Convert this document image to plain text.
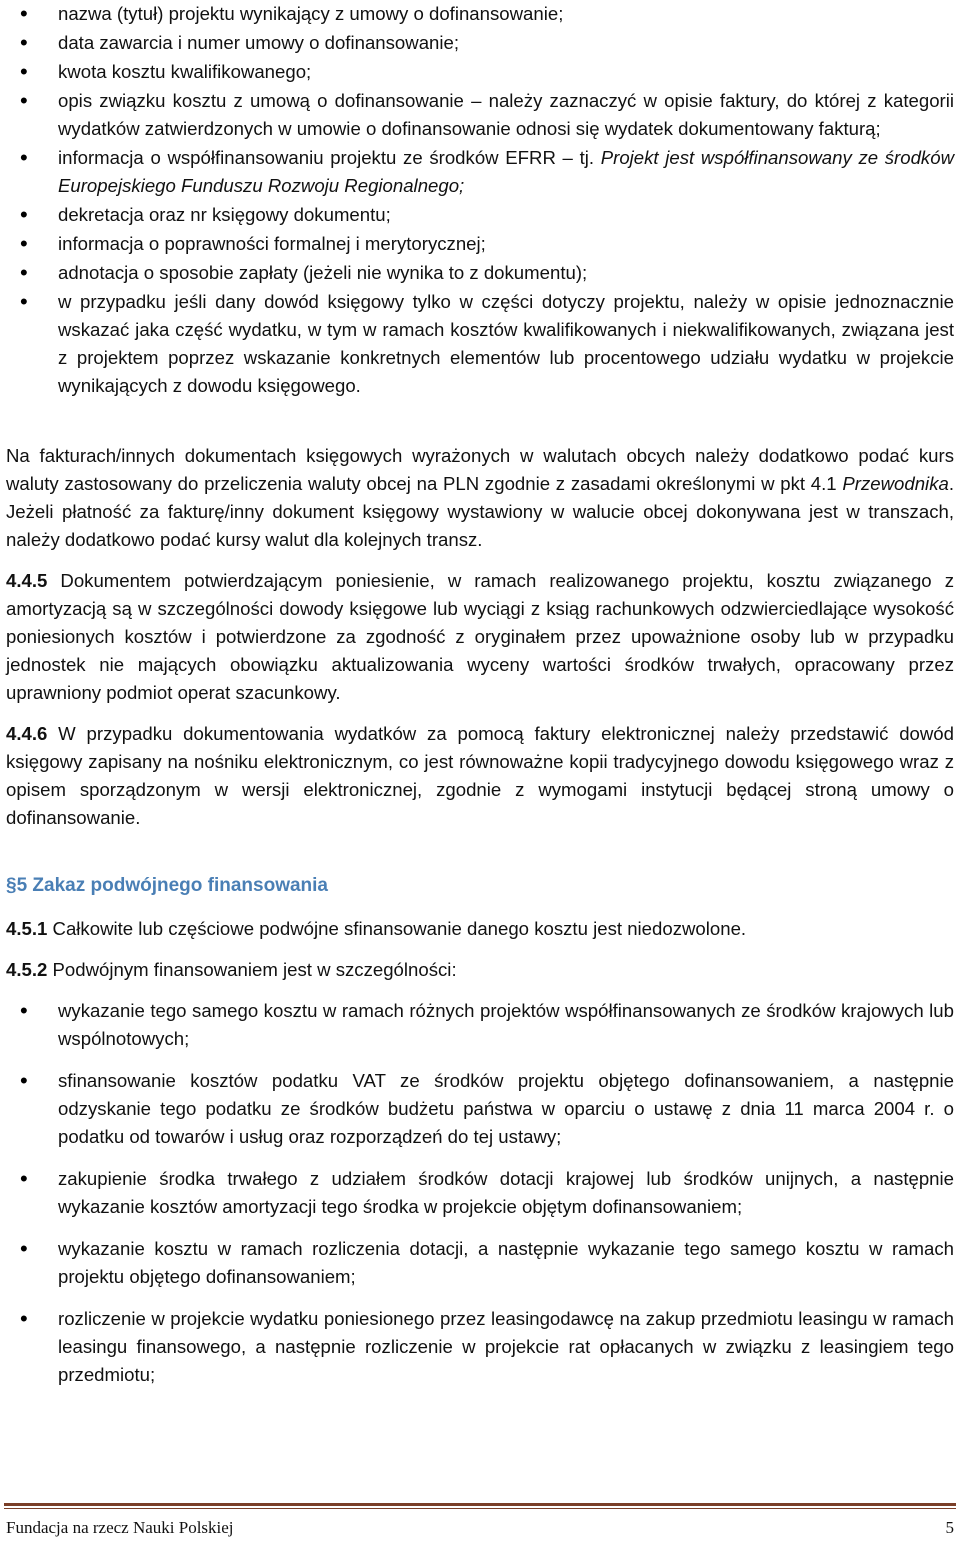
• nazwa (tytuł) projektu wynikający z umowy o dofinansowanie;
• data zawarcia i numer umowy o dofinansowanie;
• kwota kosztu kwalifikowanego;
• opis związku kosztu z umową o dofinansowanie – należy zaznaczyć w opisie faktury, do której z kategorii wydatków zatwierdzonych w umowie o dofinansowanie odnosi się wydatek dokumentowany fakturą;
• informacja o współfinansowaniu projektu ze środków EFRR – tj. Projekt jest współfinansowany ze środków Europejskiego Funduszu Rozwoju Regionalnego;
• dekretacja oraz nr księgowy dokumentu;
• informacja o poprawności formalnej i merytorycznej;
• adnotacja o sposobie zapłaty (jeżeli nie wynika to z dokumentu);
• w przypadku jeśli dany dowód księgowy tylko w części dotyczy projektu, należy w opisie jednoznacznie wskazać jaka część wydatku, w tym w ramach kosztów kwalifikowanych i niekwalifikowanych, związana jest z projektem poprzez wskazanie konkretnych elementów lub procentowego udziału wydatku w projekcie wynikających z dowodu księgowego.

Na fakturach/innych dokumentach księgowych wyrażonych w walutach obcych należy dodatkowo podać kurs waluty zastosowany do przeliczenia waluty obcej na PLN zgodnie z zasadami określonymi w pkt 4.1 Przewodnika. Jeżeli płatność za fakturę/inny dokument księgowy wystawiony w walucie obcej dokonywana jest w transzach, należy dodatkowo podać kursy walut dla kolejnych transz.

4.4.5 Dokumentem potwierdzającym poniesienie, w ramach realizowanego projektu, kosztu związanego z amortyzacją są w szczególności dowody księgowe lub wyciągi z ksiąg rachunkowych odzwierciedlające wysokość poniesionych kosztów i potwierdzone za zgodność z oryginałem przez upoważnione osoby lub w przypadku jednostek nie mających obowiązku aktualizowania wyceny wartości środków trwałych, opracowany przez uprawniony podmiot operat szacunkowy.

4.4.6 W przypadku dokumentowania wydatków za pomocą faktury elektronicznej należy przedstawić dowód księgowy zapisany na nośniku elektronicznym, co jest równoważne kopii tradycyjnego dowodu księgowego wraz z opisem sporządzonym w wersji elektronicznej, zgodnie z wymogami instytucji będącej stroną umowy o dofinansowanie.

§5 Zakaz podwójnego finansowania

4.5.1 Całkowite lub częściowe podwójne sfinansowanie danego kosztu jest niedozwolone.

4.5.2 Podwójnym finansowaniem jest w szczególności:

• wykazanie tego samego kosztu w ramach różnych projektów współfinansowanych ze środków krajowych lub wspólnotowych;
• sfinansowanie kosztów podatku VAT ze środków projektu objętego dofinansowaniem, a następnie odzyskanie tego podatku ze środków budżetu państwa w oparciu o ustawę z dnia 11 marca 2004 r. o podatku od towarów i usług oraz rozporządzeń do tej ustawy;
• zakupienie środka trwałego z udziałem środków dotacji krajowej lub środków unijnych, a następnie wykazanie kosztów amortyzacji tego środka w projekcie objętym dofinansowaniem;
• wykazanie kosztu w ramach rozliczenia dotacji, a następnie wykazanie tego samego kosztu w ramach projektu objętego dofinansowaniem;
• rozliczenie w projekcie wydatku poniesionego przez leasingodawcę na zakup przedmiotu leasingu w ramach leasingu finansowego, a następnie rozliczenie w projekcie rat opłacanych w związku z leasingiem tego przedmiotu;
Fundacja na rzecz Nauki Polskiej	5
